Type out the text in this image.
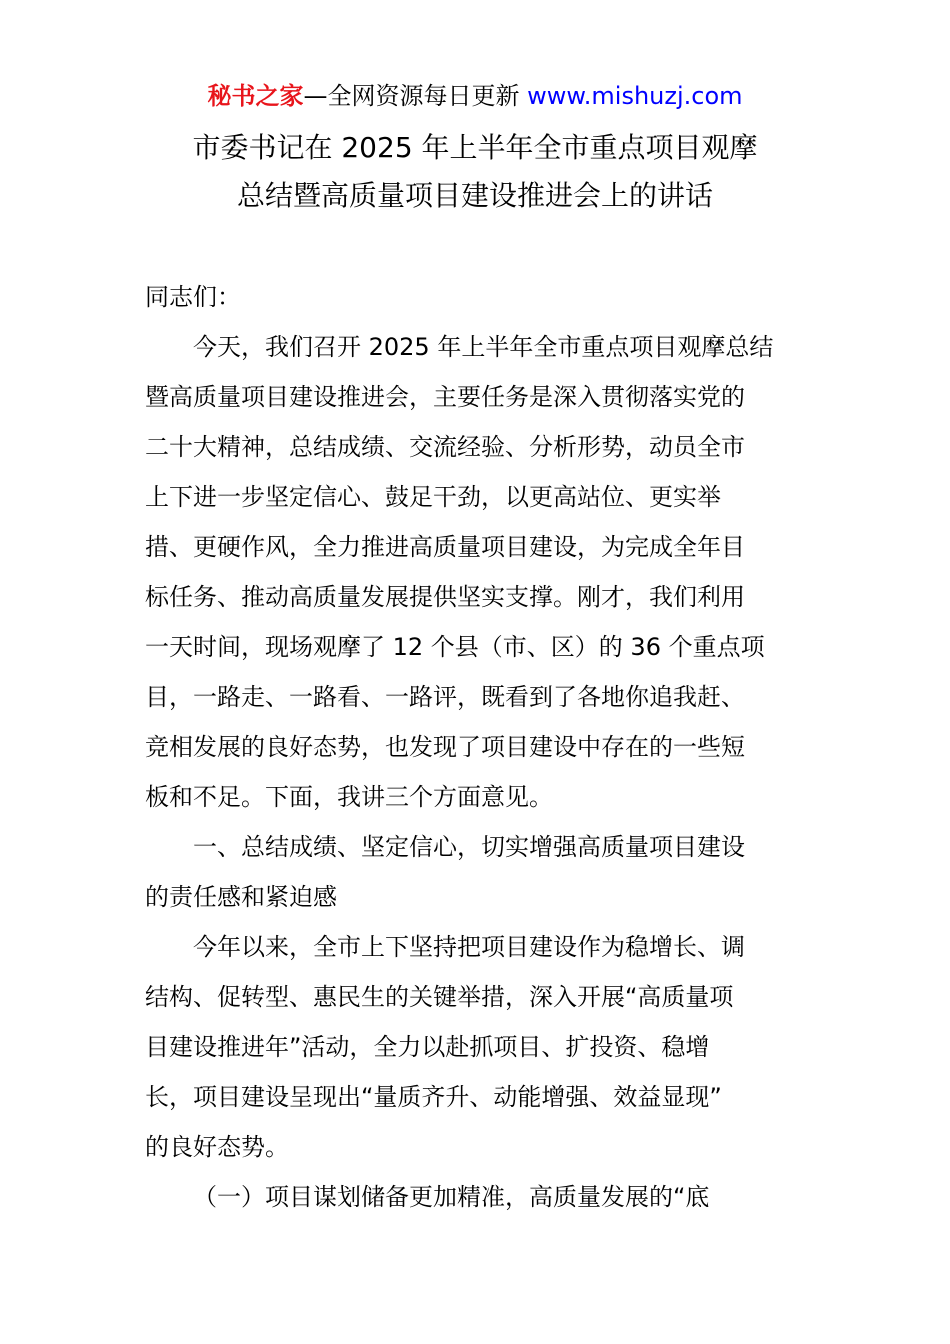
秘书之家—全网资源每日更新 www.mishuzj.com
市委书记在 2025 年上半年全市重点项目观摩
总结暨高质量项目建设推进会上的讲话
同志们：
今天，我们召开 2025 年上半年全市重点项目观摩总结
暨高质量项目建设推进会，主要任务是深入贯彻落实党的
二十大精神，总结成绩、交流经验、分析形势，动员全市
上下进一步坚定信心、鼓足干劲，以更高站位、更实举
措、更硬作风，全力推进高质量项目建设，为完成全年目
标任务、推动高质量发展提供坚实支撑。刚才，我们利用
一天时间，现场观摩了 12 个县（市、区）的 36 个重点项
目，一路走、一路看、一路评，既看到了各地你追我赶、
竞相发展的良好态势，也发现了项目建设中存在的一些短
板和不足。下面，我讲三个方面意见。
一、总结成绩、坚定信心，切实增强高质量项目建设
的责任感和紧迫感
今年以来，全市上下坚持把项目建设作为稳增长、调
结构、促转型、惠民生的关键举措，深入开展“高质量项
目建设推进年”活动，全力以赴抓项目、扩投资、稳增
长，项目建设呈现出“量质齐升、动能增强、效益显现”
的良好态势。
（一）项目谋划储备更加精准，高质量发展的“底
